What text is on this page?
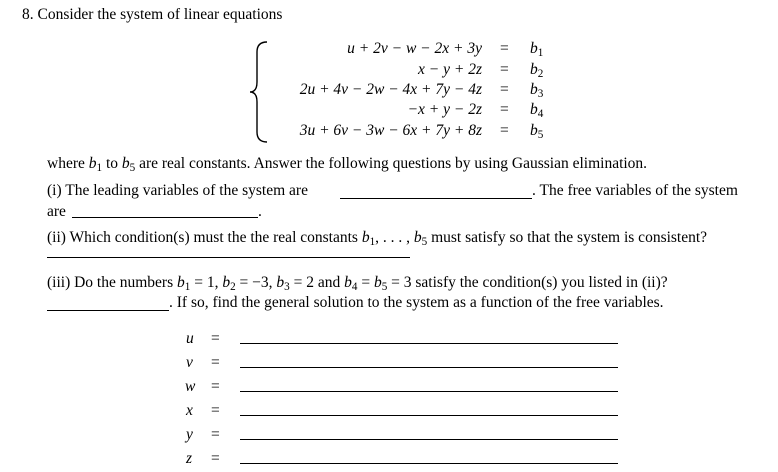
8. Consider the system of linear equations
$u + 2v - w - 2x + 3y = b_1$
$x - y + 2z = b_2$
$2u + 4v - 2w - 4x + 7y - 4z = b_3$
$-x + y - 2z = b_4$
$3u + 6v - 3w - 6x + 7y + 8z = b_5$
where $b_1$ to $b_5$ are real constants. Answer the following questions by using Gaussian elimination.
(i) The leading variables of the system are	. The free variables of the system
are	.
(ii) Which condition(s) must the the real constants $b_1$, . . . , $b_5$ must satisfy so that the system is consistent?
(iii) Do the numbers $b_1 = 1$, $b_2 = -3$, $b_3 = 2$ and $b_4 = b_5 = 3$ satisfy the condition(s) you listed in (ii)?
. If so, find the general solution to the system as a function of the free variables.
u =
v =
w =
x =
y =
z =
